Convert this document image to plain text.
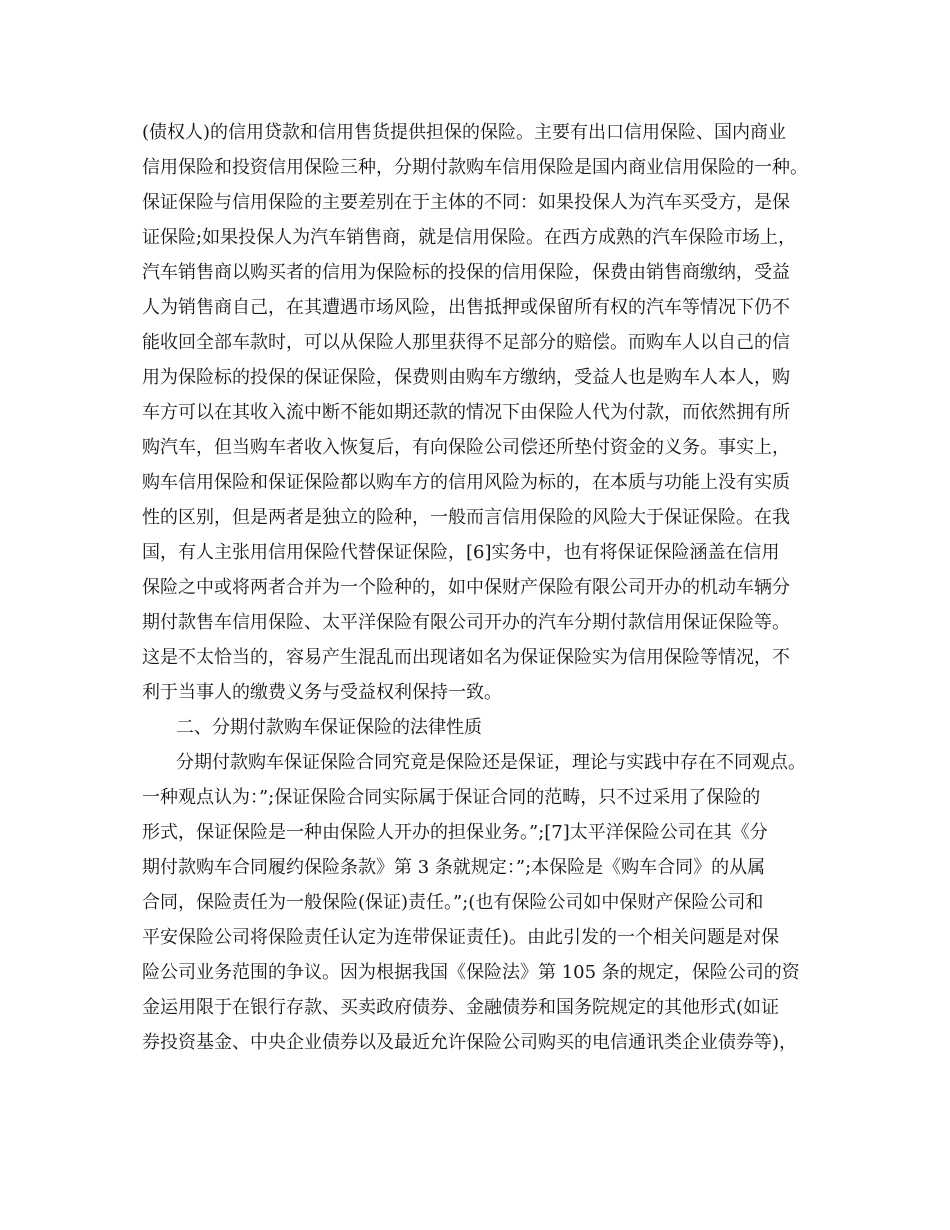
(债权人)的信用贷款和信用售货提供担保的保险。主要有出口信用保险、国内商业
信用保险和投资信用保险三种，分期付款购车信用保险是国内商业信用保险的一种。
保证保险与信用保险的主要差别在于主体的不同：如果投保人为汽车买受方，是保
证保险;如果投保人为汽车销售商，就是信用保险。在西方成熟的汽车保险市场上，
汽车销售商以购买者的信用为保险标的投保的信用保险，保费由销售商缴纳，受益
人为销售商自己，在其遭遇市场风险，出售抵押或保留所有权的汽车等情况下仍不
能收回全部车款时，可以从保险人那里获得不足部分的赔偿。而购车人以自己的信
用为保险标的投保的保证保险，保费则由购车方缴纳，受益人也是购车人本人，购
车方可以在其收入流中断不能如期还款的情况下由保险人代为付款，而依然拥有所
购汽车，但当购车者收入恢复后，有向保险公司偿还所垫付资金的义务。事实上，
购车信用保险和保证保险都以购车方的信用风险为标的，在本质与功能上没有实质
性的区别，但是两者是独立的险种，一般而言信用保险的风险大于保证保险。在我
国，有人主张用信用保险代替保证保险，[6]实务中，也有将保证保险涵盖在信用
保险之中或将两者合并为一个险种的，如中保财产保险有限公司开办的机动车辆分
期付款售车信用保险、太平洋保险有限公司开办的汽车分期付款信用保证保险等。
这是不太恰当的，容易产生混乱而出现诸如名为保证保险实为信用保险等情况，不
利于当事人的缴费义务与受益权利保持一致。
二、分期付款购车保证保险的法律性质
分期付款购车保证保险合同究竟是保险还是保证，理论与实践中存在不同观点。
一种观点认为：”;保证保险合同实际属于保证合同的范畴，只不过采用了保险的
形式，保证保险是一种由保险人开办的担保业务。”;[7]太平洋保险公司在其《分
期付款购车合同履约保险条款》第 3 条就规定：”;本保险是《购车合同》的从属
合同，保险责任为一般保险(保证)责任。”;(也有保险公司如中保财产保险公司和
平安保险公司将保险责任认定为连带保证责任)。由此引发的一个相关问题是对保
险公司业务范围的争议。因为根据我国《保险法》第 105 条的规定，保险公司的资
金运用限于在银行存款、买卖政府债券、金融债券和国务院规定的其他形式(如证
券投资基金、中央企业债券以及最近允许保险公司购买的电信通讯类企业债券等)，
